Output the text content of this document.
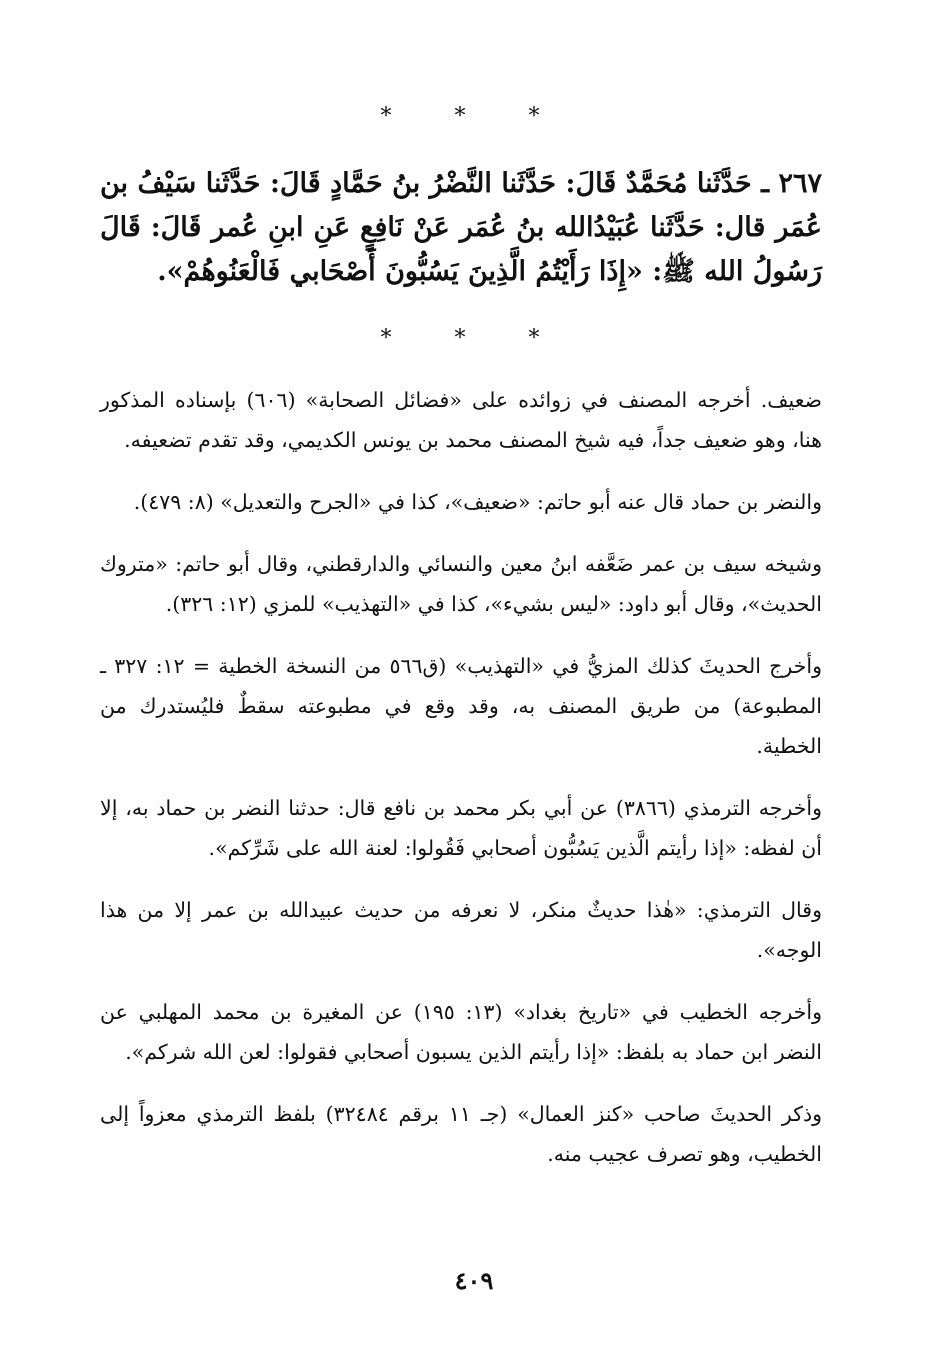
* * *
٢٦٧ ـ حَدَّثَنا مُحَمَّدٌ قَالَ: حَدَّثَنا النَّضْرُ بنُ حَمَّادٍ قَالَ: حَدَّثَنا سَيْفُ بن عُمَر قال: حَدَّثَنا عُبَيْدُالله بنُ عُمَر عَنْ نَافِعٍ عَنِ ابنِ عُمر قَالَ: قَالَ رَسُولُ الله ﷺ: «إِذَا رَأَيْتُمُ الَّذِينَ يَسُبُّونَ أَصْحَابي فَالْعَنُوهُمْ».
* * *

ضعيف. أخرجه المصنف في زوائده على «فضائل الصحابة» (٦٠٦) بإسناده المذكور هنا، وهو ضعيف جداً، فيه شيخ المصنف محمد بن يونس الكديمي، وقد تقدم تضعيفه.

والنضر بن حماد قال عنه أبو حاتم: «ضعيف»، كذا في «الجرح والتعديل» (٨: ٤٧٩).

وشيخه سيف بن عمر ضَعَّفه ابنُ معين والنسائي والدارقطني، وقال أبو حاتم: «متروك الحديث»، وقال أبو داود: «ليس بشيء»، كذا في «التهذيب» للمزي (١٢: ٣٢٦).

وأخرج الحديثَ كذلك المزيُّ في «التهذيب» (ق٥٦٦ من النسخة الخطية = ١٢: ٣٢٧ ـ المطبوعة) من طريق المصنف به، وقد وقع في مطبوعته سقطٌ فليُستدرك من الخطية.

وأخرجه الترمذي (٣٨٦٦) عن أبي بكر محمد بن نافع قال: حدثنا النضر بن حماد به، إلا أن لفظه: «إذا رأيتم الَّذين يَسُبُّون أصحابي فَقُولوا: لعنة الله على شَرِّكم».

وقال الترمذي: «هٰذا حديثٌ منكر، لا نعرفه من حديث عبيدالله بن عمر إلا من هذا الوجه».

وأخرجه الخطيب في «تاريخ بغداد» (١٣: ١٩٥) عن المغيرة بن محمد المهلبي عن النضر ابن حماد به بلفظ: «إذا رأيتم الذين يسبون أصحابي فقولوا: لعن الله شركم».

وذكر الحديثَ صاحب «كنز العمال» (جـ ١١ برقم ٣٢٤٨٤) بلفظ الترمذي معزواً إلى الخطيب، وهو تصرف عجيب منه.

٤٠٩
